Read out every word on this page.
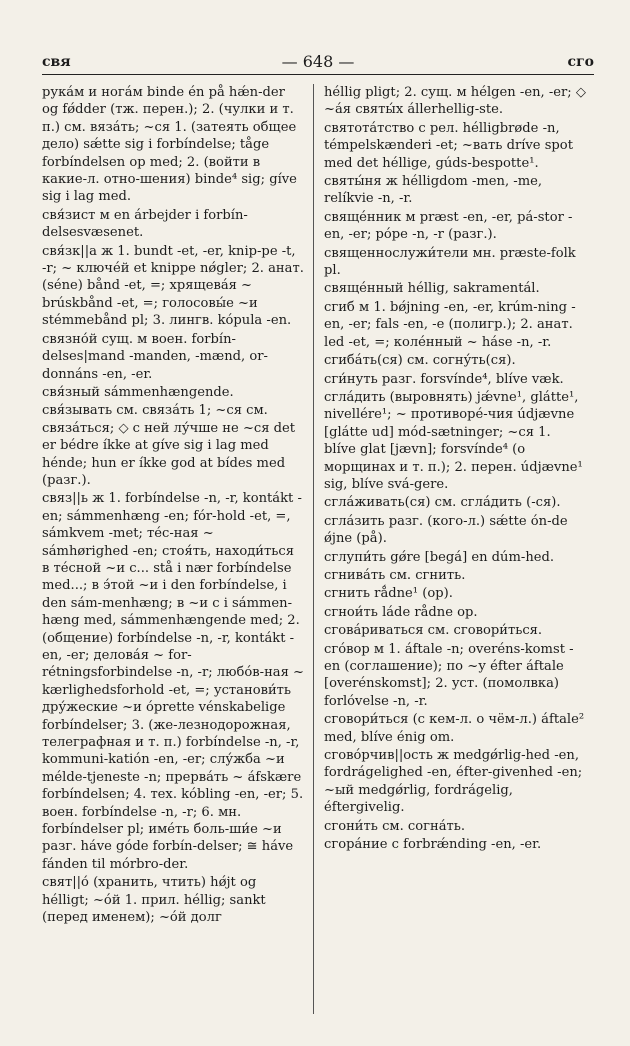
свя	— 648 —	сго

рукáм и ногáм binde én på hǽn-der og fǿdder (тж. перен.); 2. (чулки и т. п.) см. вязáть; ~ся 1. (затеять общее дело) sǽtte sig i forbíndelse; tåge forbíndelsen op med; 2. (войти в какие-л. отно-шения) binde⁴ sig; gíve sig i lag med.

свя́зист м en árbejder i forbín-delsesvæsenet.

свя́зк||а ж 1. bundt -et, -er, knip-pe -t, -r; ~ ключéй et knippe nǿgler; 2. анат. (séne) bånd -et, =; хрящевáя ~ brúskbånd -et, =; голосовы́е ~и stémmebånd pl; 3. лингв. kópula -en.

связно́й сущ. м воен. forbín-delses|mand -manden, -mænd, or-donnáns -en, -er.

свя́зный sámmenhængende.

свя́зывать см. связáть 1; ~ся см. связáться; ◇ с ней лу́чше не ~ся det er bédre íkke at gíve sig i lag med hénde; hun er íkke god at bídes med (разг.).

связ||ь ж 1. forbíndelse -n, -r, kontákt -en; sámmenhæng -en; fór-hold -et, =, sámkvem -met; тéс-ная ~ sámhørighed -en; стоя́ть, находи́ться в тéсной ~и с... stå i nær forbíndelse med...; в э́той ~и i den forbíndelse, i den sám-menhæng; в ~и с i sámmen-hæng med, sámmenhængende med; 2. (общение) forbíndelse -n, -r, kontákt -en, -er; деловáя ~ for-rétningsforbindelse -n, -r; любóв-ная ~ kærlighedsforhold -et, =; установи́ть дру́жеские ~и óprette vénskabelige forbíndelser; 3. (же-лезнодорожная, телеграфная и т. п.) forbíndelse -n, -r, kommuni-katión -en, -er; слу́жба ~и mélde-tjeneste -n; прервáть ~ áfskære forbíndelsen; 4. тех. kóbling -en, -er; 5. воен. forbíndelse -n, -r; 6. мн. forbíndelser pl; имéть боль-ши́е ~и разг. háve góde forbín-delser; ≅ háve fánden til mórbro-der.

свят||о́ (хранить, чтить) hǿjt og hélligt; ~óй 1. прил. héllig; sankt (перед именем); ~óй долг

héllig pligt; 2. сущ. м hélgen -en, -er; ◇ ~áя святы́х állerhellig-ste.

святотáтство с рел. hélligbrøde -n, témpelskænderi -et; ~вать dríve spot med det héllige, gúds-bespotte¹.

святы́ня ж hélligdom -men, -me, relíkvie -n, -r.

свящéнник м præst -en, -er, pá-stor -en, -er; póре -n, -r (разг.).

священнослужи́тели мн. præste-folk pl.

свящéнный héllig, sakramentál.

сгиб м 1. bǿjning -en, -er, krúm-ning -en, -er; fals -en, -e (полигр.); 2. анат. led -et, =; колéнный ~ háse -n, -r.

сгибáть(ся) см. согну́ть(ся).

сги́нуть разг. forsvínde⁴, blíve væk.

сглáдить (выровнять) jǽvne¹, glátte¹, nivellére¹; ~ противорé-чия údjævne [glátte ud] mód-sætninger; ~ся 1. blíve glat [jævn]; forsvínde⁴ (о морщинах и т. п.); 2. перен. údjævne¹ sig, blíve svá-gere.

сглáживать(ся) см. сглáдить (-ся).

сглáзить разг. (кого-л.) sǽtte ón-de ǿjne (på).

сглупи́ть gǿre [begá] en dúm-hed.

сгнивáть см. сгнить.

сгнить rǻdne¹ (op).

сгнои́ть láde rådne op.

сговáриваться см. сговори́ться.

сгóвор м 1. áftale -n; overéns-komst -en (соглашение); по ~у éfter áftale [overénskomst]; 2. уст. (помолвка) forlóvelse -n, -r.

сговори́ться (с кем-л. о чём-л.) áftale² med, blíve énig om.

сговóрчив||ость ж medgǿrlig-hed -en, fordrágelighed -en, éfter-givenhed -en; ~ый medgǿrlig, fordrágelig, éftergivelig.

сгони́ть см. согнáть.

сгорáние с forbrǽnding -en, -er.
